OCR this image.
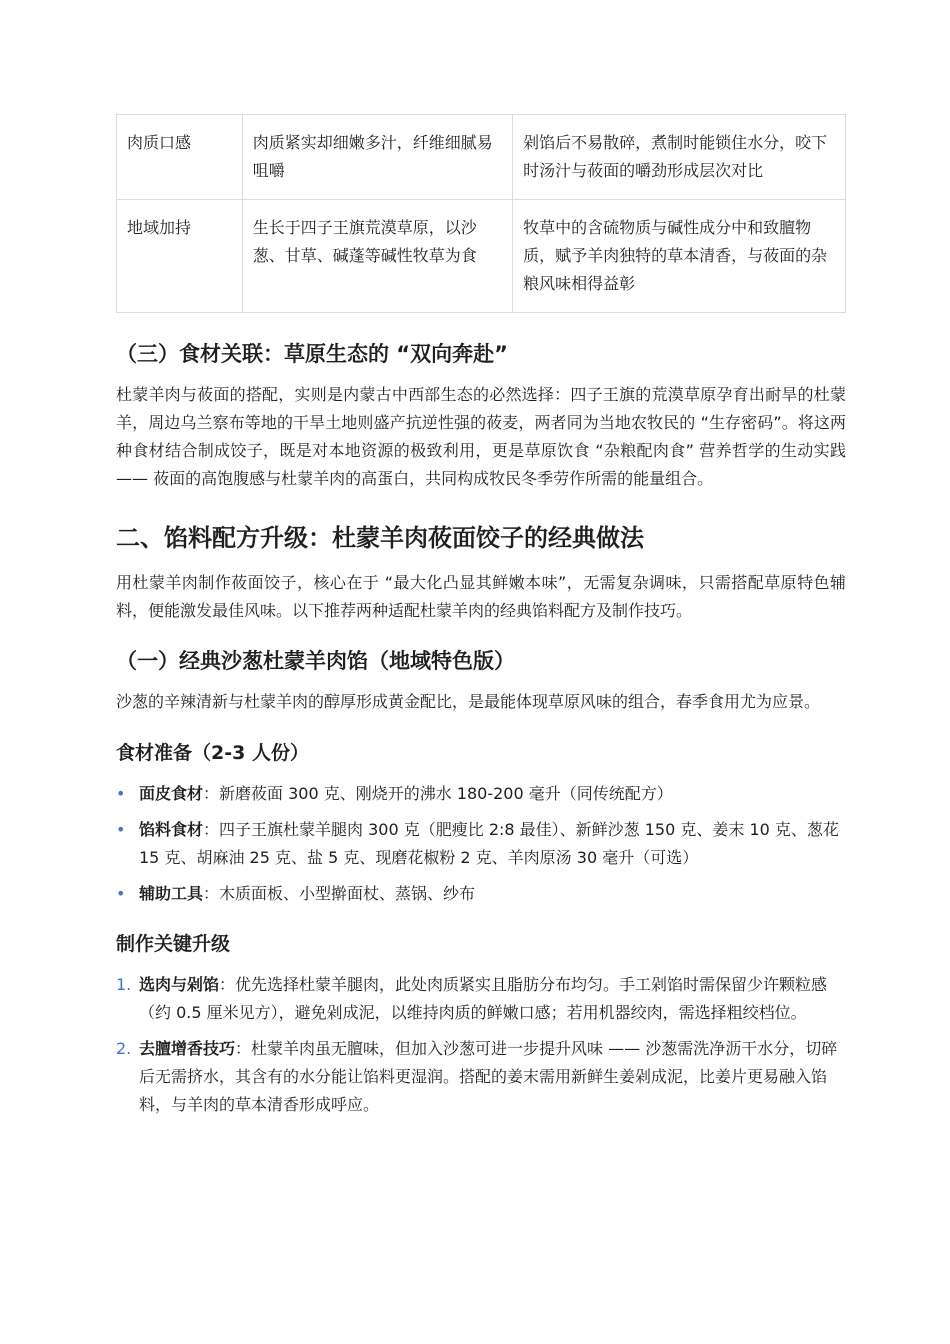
肉质口感	肉质紧实却细嫩多汁，纤维细腻易咀嚼	剁馅后不易散碎，煮制时能锁住水分，咬下时汤汁与莜面的嚼劲形成层次对比
地域加持	生长于四子王旗荒漠草原，以沙葱、甘草、碱蓬等碱性牧草为食	牧草中的含硫物质与碱性成分中和致膻物质，赋予羊肉独特的草本清香，与莜面的杂粮风味相得益彰
（三）食材关联：草原生态的 “双向奔赴”

杜蒙羊肉与莜面的搭配，实则是内蒙古中西部生态的必然选择：四子王旗的荒漠草原孕育出耐旱的杜蒙羊，周边乌兰察布等地的干旱土地则盛产抗逆性强的莜麦，两者同为当地农牧民的 “生存密码”。将这两种食材结合制成饺子，既是对本地资源的极致利用，更是草原饮食 “杂粮配肉食” 营养哲学的生动实践 —— 莜面的高饱腹感与杜蒙羊肉的高蛋白，共同构成牧民冬季劳作所需的能量组合。

二、馅料配方升级：杜蒙羊肉莜面饺子的经典做法

用杜蒙羊肉制作莜面饺子，核心在于 “最大化凸显其鲜嫩本味”，无需复杂调味，只需搭配草原特色辅料，便能激发最佳风味。以下推荐两种适配杜蒙羊肉的经典馅料配方及制作技巧。

（一）经典沙葱杜蒙羊肉馅（地域特色版）

沙葱的辛辣清新与杜蒙羊肉的醇厚形成黄金配比，是最能体现草原风味的组合，春季食用尤为应景。

食材准备（2-3 人份）
• 面皮食材：新磨莜面 300 克、刚烧开的沸水 180-200 毫升（同传统配方）
• 馅料食材：四子王旗杜蒙羊腿肉 300 克（肥瘦比 2:8 最佳）、新鲜沙葱 150 克、姜末 10 克、葱花 15 克、胡麻油 25 克、盐 5 克、现磨花椒粉 2 克、羊肉原汤 30 毫升（可选）
• 辅助工具：木质面板、小型擀面杖、蒸锅、纱布
制作关键升级
1. 选肉与剁馅：优先选择杜蒙羊腿肉，此处肉质紧实且脂肪分布均匀。手工剁馅时需保留少许颗粒感（约 0.5 厘米见方），避免剁成泥，以维持肉质的鲜嫩口感；若用机器绞肉，需选择粗绞档位。
2. 去膻增香技巧：杜蒙羊肉虽无膻味，但加入沙葱可进一步提升风味 —— 沙葱需洗净沥干水分，切碎后无需挤水，其含有的水分能让馅料更湿润。搭配的姜末需用新鲜生姜剁成泥，比姜片更易融入馅料，与羊肉的草本清香形成呼应。
